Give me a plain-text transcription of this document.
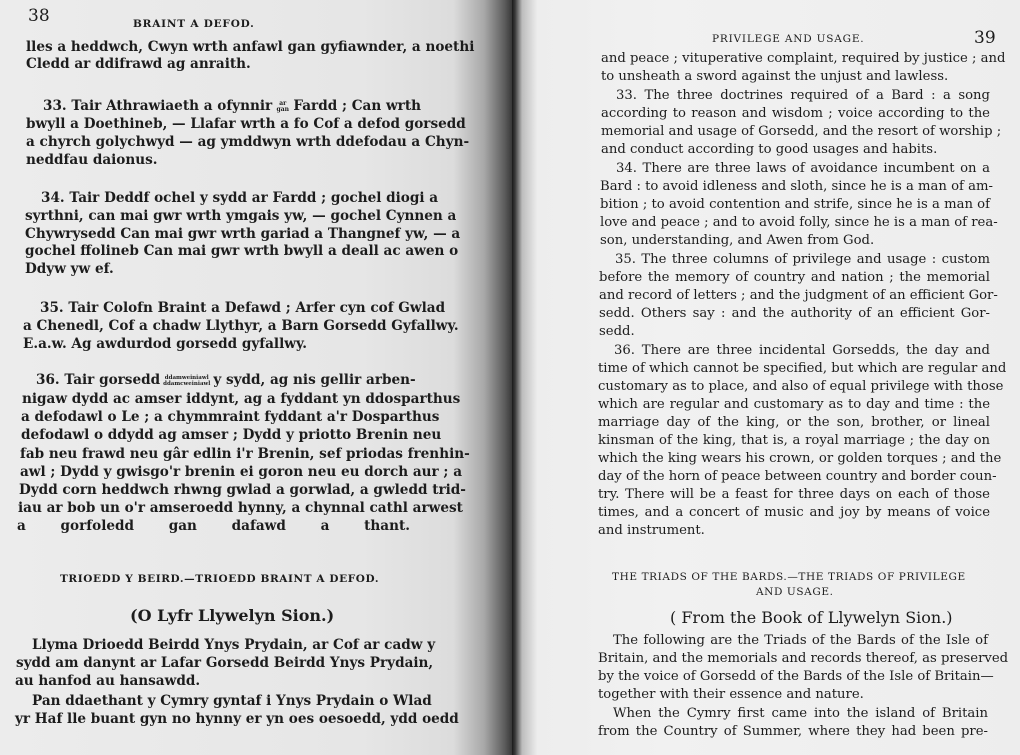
38	BRAINT A DEFOD.
lles a heddwch, Cwyn wrth anfawl gan gyfiawnder, a noethi
Cledd ar ddifrawd ag anraith.
33. Tair Athrawiaeth a ofynnir	ar
gan Fardd ; Can wrth
bwyll a Doethineb, — Llafar wrth a fo Cof a defod gorsedd
a chyrch golychwyd — ag ymddwyn wrth ddefodau a Chyn-
neddfau daionus.
34. Tair Deddf ochel y sydd ar Fardd ; gochel diogi a
syrthni, can mai gwr wrth ymgais yw, — gochel Cynnen a
Chywrysedd Can mai gwr wrth gariad a Thangnef yw, — a
gochel ffolineb Can mai gwr wrth bwyll a deall ac awen o
Ddyw yw ef.
35. Tair Colofn Braint a Defawd ; Arfer cyn cof Gwlad
a Chenedl, Cof a chadw Llythyr, a Barn Gorsedd Gyfallwy.
E.a.w. Ag awdurdod gorsedd gyfallwy.
36. Tair gorsedd ddamweiniawl
ddamcweiniawl y sydd, ag nis gellir arben-
nigaw dydd ac amser iddynt, ag a fyddant yn ddosparthus
a defodawl o Le ; a chymmraint fyddant a'r Dosparthus
defodawl o ddydd ag amser ; Dydd y priotto Brenin neu
fab neu frawd neu gâr edlin i'r Brenin, sef priodas frenhin-
awl ; Dydd y gwisgo'r brenin ei goron neu eu dorch aur ; a
Dydd corn heddwch rhwng gwlad a gorwlad, a gwledd trid-
iau ar bob un o'r amseroedd hynny, a chynnal cathl arwest
a gorfoledd gan dafawd a thant.
TRIOEDD Y BEIRD.—TRIOEDD BRAINT A DEFOD.
(O Lyfr Llywelyn Sion.)
Llyma Drioedd Beirdd Ynys Prydain, ar Cof ar cadw y
sydd am danynt ar Lafar Gorsedd Beirdd Ynys Prydain,
au hanfod au hansawdd.
Pan ddaethant y Cymry gyntaf i Ynys Prydain o Wlad
yr Haf lle buant gyn no hynny er yn oes oesoedd, ydd oedd
39
PRIVILEGE AND USAGE.
and peace ; vituperative complaint, required by justice ; and
to unsheath a sword against the unjust and lawless.
33. The three doctrines required of a Bard : a song
according to reason and wisdom ; voice according to the
memorial and usage of Gorsedd, and the resort of worship ;
and conduct according to good usages and habits.
34. There are three laws of avoidance incumbent on a
Bard : to avoid idleness and sloth, since he is a man of am-
bition ; to avoid contention and strife, since he is a man of
love and peace ; and to avoid folly, since he is a man of rea-
son, understanding, and Awen from God.
35. The three columns of privilege and usage : custom
before the memory of country and nation ; the memorial
and record of letters ; and the judgment of an efficient Gor-
sedd. Others say : and the authority of an efficient Gor-
sedd.
36. There are three incidental Gorsedds, the day and
time of which cannot be specified, but which are regular and
customary as to place, and also of equal privilege with those
which are regular and customary as to day and time : the
marriage day of the king, or the son, brother, or lineal
kinsman of the king, that is, a royal marriage ; the day on
which the king wears his crown, or golden torques ; and the
day of the horn of peace between country and border coun-
try. There will be a feast for three days on each of those
times, and a concert of music and joy by means of voice
and instrument.
THE TRIADS OF THE BARDS.—THE TRIADS OF PRIVILEGE
AND USAGE.
( From the Book of Llywelyn Sion.)
The following are the Triads of the Bards of the Isle of
Britain, and the memorials and records thereof, as preserved
by the voice of Gorsedd of the Bards of the Isle of Britain—
together with their essence and nature.
When the Cymry first came into the island of Britain
from the Country of Summer, where they had been pre-
